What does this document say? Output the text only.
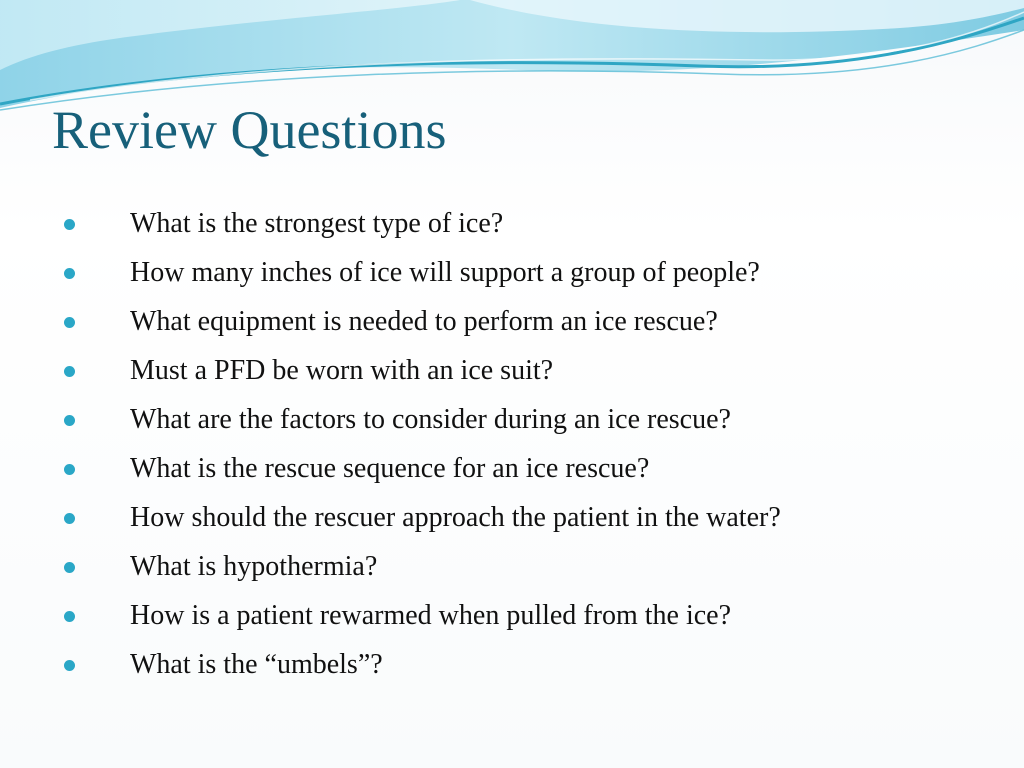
Review Questions
What is the strongest type of ice?
How many inches of ice will support a group of people?
What equipment is needed to perform an ice rescue?
Must a PFD be worn with an ice suit?
What are the factors to consider during an ice rescue?
What is the rescue sequence for an ice rescue?
How should the rescuer approach the patient in the water?
What is hypothermia?
How is a patient rewarmed when pulled from the ice?
What is the “umbels”?
